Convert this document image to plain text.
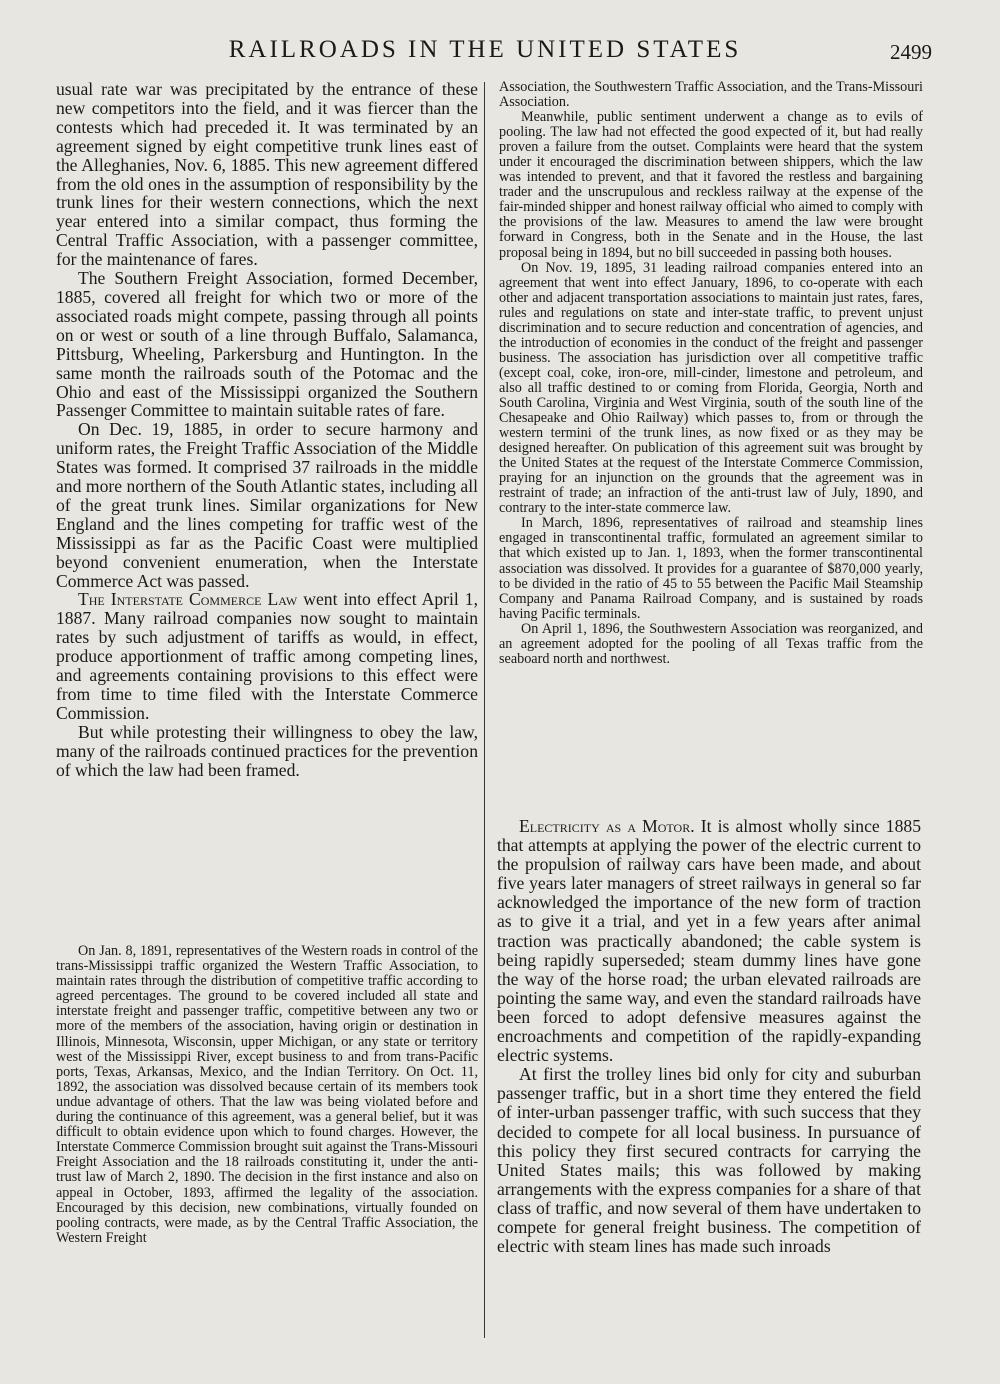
RAILROADS IN THE UNITED STATES	2499

usual rate war was precipitated by the entrance of these new competitors into the field, and it was fiercer than the contests which had preceded it. It was terminated by an agreement signed by eight competitive trunk lines east of the Alleghanies, Nov. 6, 1885. This new agreement differed from the old ones in the assumption of responsibility by the trunk lines for their western connections, which the next year entered into a similar compact, thus forming the Central Traffic Association, with a passenger committee, for the maintenance of fares.

The Southern Freight Association, formed December, 1885, covered all freight for which two or more of the associated roads might compete, passing through all points on or west or south of a line through Buffalo, Salamanca, Pittsburg, Wheeling, Parkersburg and Huntington. In the same month the railroads south of the Potomac and the Ohio and east of the Mississippi organized the Southern Passenger Committee to maintain suitable rates of fare.

On Dec. 19, 1885, in order to secure harmony and uniform rates, the Freight Traffic Association of the Middle States was formed. It comprised 37 railroads in the middle and more northern of the South Atlantic states, including all of the great trunk lines. Similar organizations for New England and the lines competing for traffic west of the Mississippi as far as the Pacific Coast were multiplied beyond convenient enumeration, when the Interstate Commerce Act was passed.

The Interstate Commerce Law went into effect April 1, 1887. Many railroad companies now sought to maintain rates by such adjustment of tariffs as would, in effect, produce apportionment of traffic among competing lines, and agreements containing provisions to this effect were from time to time filed with the Interstate Commerce Commission.

But while protesting their willingness to obey the law, many of the railroads continued practices for the prevention of which the law had been framed.

On Jan. 8, 1891, representatives of the Western roads in control of the trans-Mississippi traffic organized the Western Traffic Association, to maintain rates through the distribution of competitive traffic according to agreed percentages. The ground to be covered included all state and interstate freight and passenger traffic, competitive between any two or more of the members of the association, having origin or destination in Illinois, Minnesota, Wisconsin, upper Michigan, or any state or territory west of the Mississippi River, except business to and from trans-Pacific ports, Texas, Arkansas, Mexico, and the Indian Territory. On Oct. 11, 1892, the association was dissolved because certain of its members took undue advantage of others. That the law was being violated before and during the continuance of this agreement, was a general belief, but it was difficult to obtain evidence upon which to found charges. However, the Interstate Commerce Commission brought suit against the Trans-Missouri Freight Association and the 18 railroads constituting it, under the anti-trust law of March 2, 1890. The decision in the first instance and also on appeal in October, 1893, affirmed the legality of the association. Encouraged by this decision, new combinations, virtually founded on pooling contracts, were made, as by the Central Traffic Association, the Western Freight

Association, the Southwestern Traffic Association, and the Trans-Missouri Association.

Meanwhile, public sentiment underwent a change as to evils of pooling. The law had not effected the good expected of it, but had really proven a failure from the outset. Complaints were heard that the system under it encouraged the discrimination between shippers, which the law was intended to prevent, and that it favored the restless and bargaining trader and the unscrupulous and reckless railway at the expense of the fair-minded shipper and honest railway official who aimed to comply with the provisions of the law. Measures to amend the law were brought forward in Congress, both in the Senate and in the House, the last proposal being in 1894, but no bill succeeded in passing both houses.

On Nov. 19, 1895, 31 leading railroad companies entered into an agreement that went into effect January, 1896, to co-operate with each other and adjacent transportation associations to maintain just rates, fares, rules and regulations on state and inter-state traffic, to prevent unjust discrimination and to secure reduction and concentration of agencies, and the introduction of economies in the conduct of the freight and passenger business. The association has jurisdiction over all competitive traffic (except coal, coke, iron-ore, mill-cinder, limestone and petroleum, and also all traffic destined to or coming from Florida, Georgia, North and South Carolina, Virginia and West Virginia, south of the south line of the Chesapeake and Ohio Railway) which passes to, from or through the western termini of the trunk lines, as now fixed or as they may be designed hereafter. On publication of this agreement suit was brought by the United States at the request of the Interstate Commerce Commission, praying for an injunction on the grounds that the agreement was in restraint of trade; an infraction of the anti-trust law of July, 1890, and contrary to the inter-state commerce law.

In March, 1896, representatives of railroad and steamship lines engaged in transcontinental traffic, formulated an agreement similar to that which existed up to Jan. 1, 1893, when the former transcontinental association was dissolved. It provides for a guarantee of $870,000 yearly, to be divided in the ratio of 45 to 55 between the Pacific Mail Steamship Company and Panama Railroad Company, and is sustained by roads having Pacific terminals.

On April 1, 1896, the Southwestern Association was reorganized, and an agreement adopted for the pooling of all Texas traffic from the seaboard north and northwest.

Electricity as a Motor. It is almost wholly since 1885 that attempts at applying the power of the electric current to the propulsion of railway cars have been made, and about five years later managers of street railways in general so far acknowledged the importance of the new form of traction as to give it a trial, and yet in a few years after animal traction was practically abandoned; the cable system is being rapidly superseded; steam dummy lines have gone the way of the horse road; the urban elevated railroads are pointing the same way, and even the standard railroads have been forced to adopt defensive measures against the encroachments and competition of the rapidly-expanding electric systems.

At first the trolley lines bid only for city and suburban passenger traffic, but in a short time they entered the field of inter-urban passenger traffic, with such success that they decided to compete for all local business. In pursuance of this policy they first secured contracts for carrying the United States mails; this was followed by making arrangements with the express companies for a share of that class of traffic, and now several of them have undertaken to compete for general freight business. The competition of electric with steam lines has made such inroads
